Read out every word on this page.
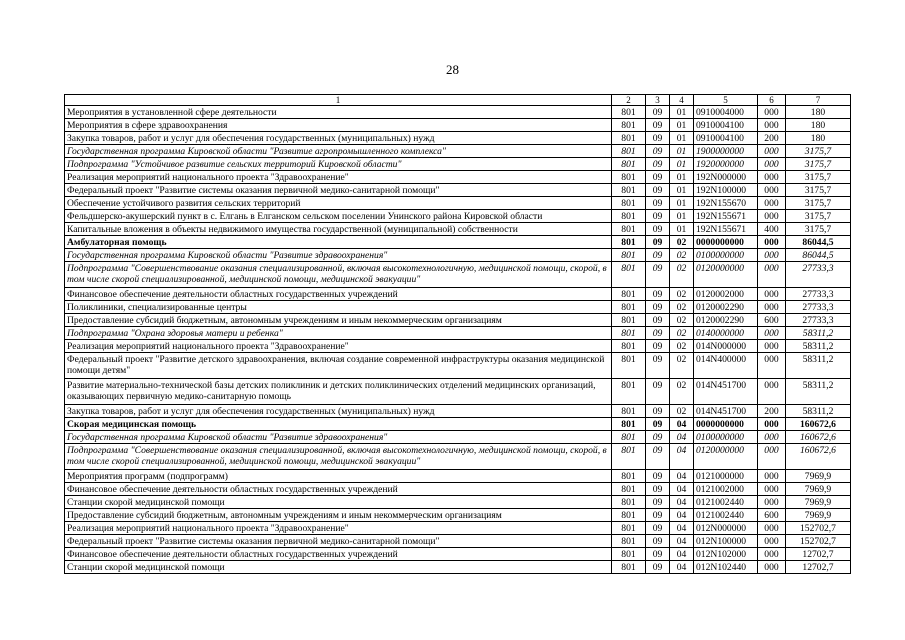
28
1	2	3	4	5	6	7
Мероприятия в установленной сфере деятельности	801	09	01	0910004000	000	180
Мероприятия в сфере здравоохранения	801	09	01	0910004100	000	180
Закупка товаров, работ и услуг для обеспечения государственных (муниципальных) нужд	801	09	01	0910004100	200	180
Государственная программа Кировской области "Развитие агропромышленного комплекса"	801	09	01	1900000000	000	3175,7
Подпрограмма "Устойчивое развитие сельских территорий Кировской области"	801	09	01	1920000000	000	3175,7
Реализация мероприятий национального проекта "Здравоохранение"	801	09	01	192N000000	000	3175,7
Федеральный проект "Развитие системы оказания первичной медико-санитарной помощи"	801	09	01	192N100000	000	3175,7
Обеспечение устойчивого развития сельских территорий	801	09	01	192N155670	000	3175,7
Фельдшерско-акушерский пункт в с. Елгань в Елганском сельском поселении Унинского района Кировской области	801	09	01	192N155671	000	3175,7
Капитальные вложения в объекты недвижимого имущества государственной (муниципальной) собственности	801	09	01	192N155671	400	3175,7
Амбулаторная помощь	801	09	02	0000000000	000	86044,5
Государственная программа Кировской области "Развитие здравоохранения"	801	09	02	0100000000	000	86044,5
Подпрограмма "Совершенствование оказания специализированной, включая высокотехнологичную, медицинской помощи, скорой, в том числе скорой специализированной, медицинской помощи, медицинской эвакуации"	801	09	02	0120000000	000	27733,3
Финансовое обеспечение деятельности областных государственных учреждений	801	09	02	0120002000	000	27733,3
Поликлиники, специализированные центры	801	09	02	0120002290	000	27733,3
Предоставление субсидий бюджетным, автономным учреждениям и иным некоммерческим организациям	801	09	02	0120002290	600	27733,3
Подпрограмма "Охрана здоровья матери и ребенка"	801	09	02	0140000000	000	58311,2
Реализация мероприятий национального проекта "Здравоохранение"	801	09	02	014N000000	000	58311,2
Федеральный проект "Развитие детского здравоохранения, включая создание современной инфраструктуры оказания медицинской помощи детям"	801	09	02	014N400000	000	58311,2
Развитие материально-технической базы детских поликлиник и детских поликлинических отделений медицинских организаций, оказывающих первичную медико-санитарную помощь	801	09	02	014N451700	000	58311,2
Закупка товаров, работ и услуг для обеспечения государственных (муниципальных) нужд	801	09	02	014N451700	200	58311,2
Скорая медицинская помощь	801	09	04	0000000000	000	160672,6
Государственная программа Кировской области "Развитие здравоохранения"	801	09	04	0100000000	000	160672,6
Подпрограмма "Совершенствование оказания специализированной, включая высокотехнологичную, медицинской помощи, скорой, в том числе скорой специализированной, медицинской помощи, медицинской эвакуации"	801	09	04	0120000000	000	160672,6
Мероприятия программ (подпрограмм)	801	09	04	0121000000	000	7969,9
Финансовое обеспечение деятельности областных государственных учреждений	801	09	04	0121002000	000	7969,9
Станции скорой медицинской помощи	801	09	04	0121002440	000	7969,9
Предоставление субсидий бюджетным, автономным учреждениям и иным некоммерческим организациям	801	09	04	0121002440	600	7969,9
Реализация мероприятий национального проекта "Здравоохранение"	801	09	04	012N000000	000	152702,7
Федеральный проект "Развитие системы оказания первичной медико-санитарной помощи"	801	09	04	012N100000	000	152702,7
Финансовое обеспечение деятельности областных государственных учреждений	801	09	04	012N102000	000	12702,7
Станции скорой медицинской помощи	801	09	04	012N102440	000	12702,7
